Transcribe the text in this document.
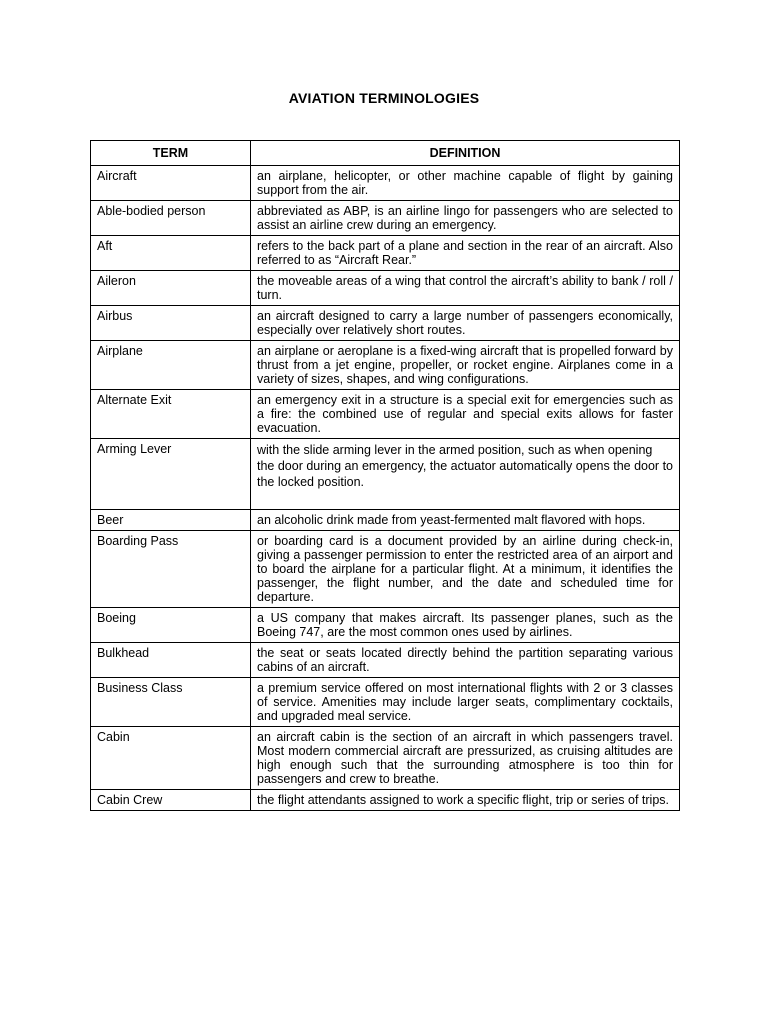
AVIATION TERMINOLOGIES
TERM	DEFINITION
Aircraft	an airplane, helicopter, or other machine capable of flight by gaining support from the air.
Able-bodied person	abbreviated as ABP, is an airline lingo for passengers who are selected to assist an airline crew during an emergency.
Aft	refers to the back part of a plane and section in the rear of an aircraft. Also referred to as “Aircraft Rear.”
Aileron	the moveable areas of a wing that control the aircraft’s ability to bank / roll / turn.
Airbus	an aircraft designed to carry a large number of passengers economically, especially over relatively short routes.
Airplane	an airplane or aeroplane is a fixed-wing aircraft that is propelled forward by thrust from a jet engine, propeller, or rocket engine. Airplanes come in a variety of sizes, shapes, and wing configurations.
Alternate Exit	an emergency exit in a structure is a special exit for emergencies such as a fire: the combined use of regular and special exits allows for faster evacuation.
Arming Lever	with the slide arming lever in the armed position, such as when opening the door during an emergency, the actuator automatically opens the door to the locked position.
Beer	an alcoholic drink made from yeast-fermented malt flavored with hops.
Boarding Pass	or boarding card is a document provided by an airline during check-in, giving a passenger permission to enter the restricted area of an airport and to board the airplane for a particular flight. At a minimum, it identifies the passenger, the flight number, and the date and scheduled time for departure.
Boeing	a US company that makes aircraft. Its passenger planes, such as the Boeing 747, are the most common ones used by airlines.
Bulkhead	the seat or seats located directly behind the partition separating various cabins of an aircraft.
Business Class	a premium service offered on most international flights with 2 or 3 classes of service. Amenities may include larger seats, complimentary cocktails, and upgraded meal service.
Cabin	an aircraft cabin is the section of an aircraft in which passengers travel. Most modern commercial aircraft are pressurized, as cruising altitudes are high enough such that the surrounding atmosphere is too thin for passengers and crew to breathe.
Cabin Crew	the flight attendants assigned to work a specific flight, trip or series of trips.
